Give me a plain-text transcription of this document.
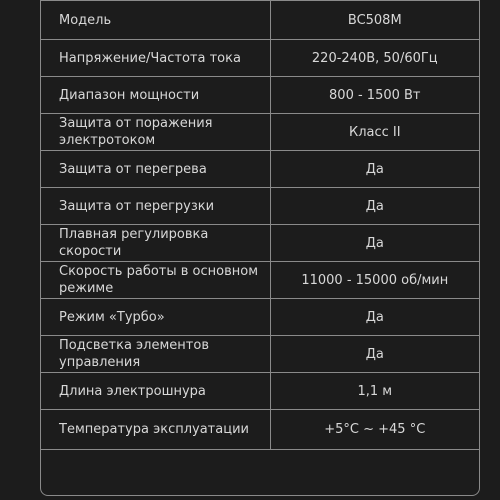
Модель	BC508M
Напряжение/Частота тока	220-240В, 50/60Гц
Диапазон мощности	800 - 1500 Вт
Защита от поражения электротоком	Класс II
Защита от перегрева	Да
Защита от перегрузки	Да
Плавная регулировка скорости	Да
Скорость работы в основном режиме	11000 - 15000 об/мин
Режим «Турбо»	Да
Подсветка элементов управления	Да
Длина электрошнура	1,1 м
Температура эксплуатации	+5°С ~ +45 °С
